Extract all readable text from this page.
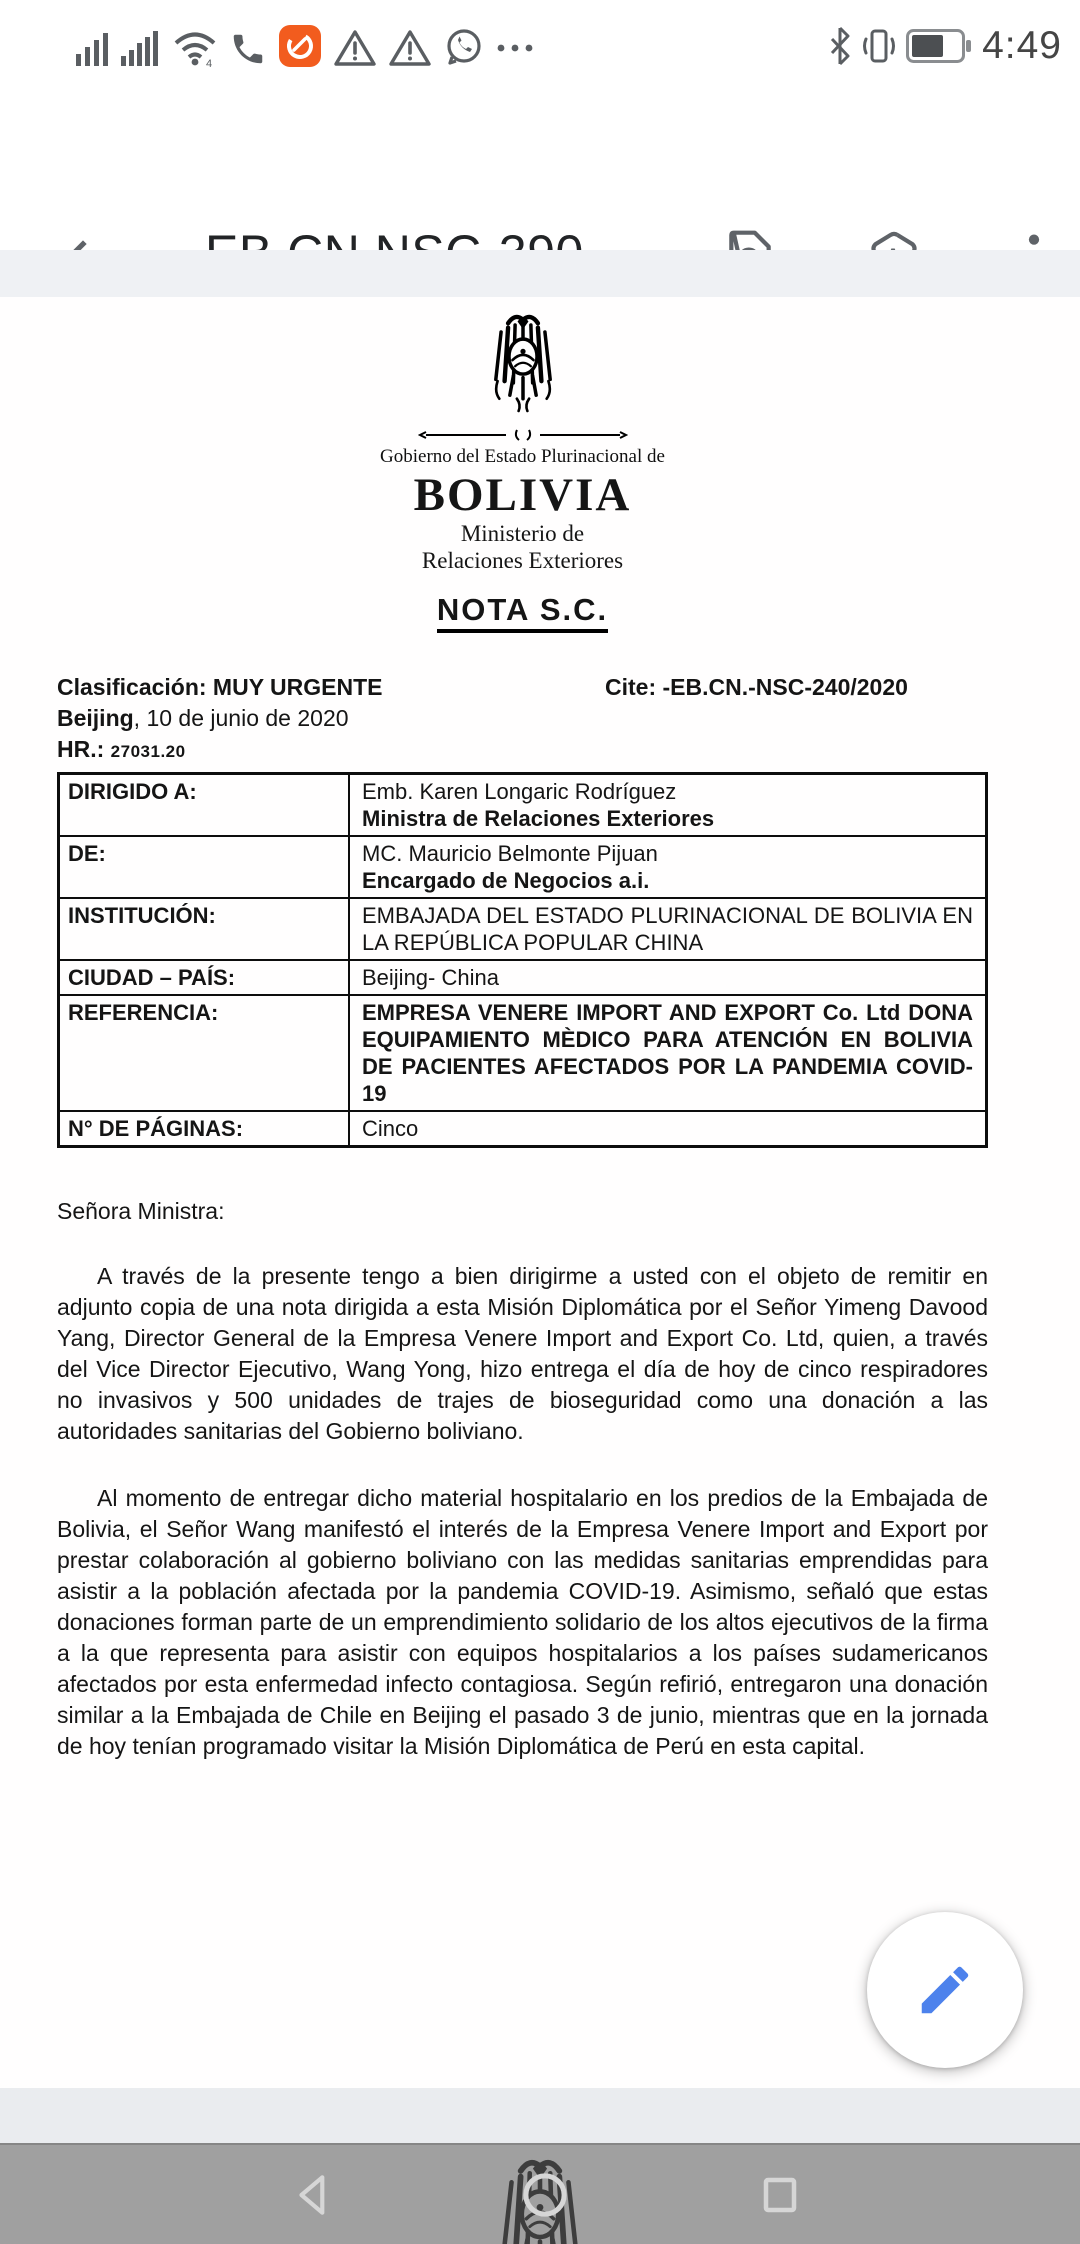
4	4:49
Gobierno del Estado Plurinacional de
BOLIVIA
Ministerio de
Relaciones Exteriores
NOTA S.C.
Clasificación: MUY URGENTE	Cite: -EB.CN.-NSC-240/2020
Beijing, 10 de junio de 2020
HR.: 27031.20
DIRIGIDO A:	Emb. Karen Longaric Rodríguez
Ministra de Relaciones Exteriores
DE:	MC. Mauricio Belmonte Pijuan
Encargado de Negocios a.i.
INSTITUCIÓN:	EMBAJADA DEL ESTADO PLURINACIONAL DE BOLIVIA EN LA REPÚBLICA POPULAR CHINA
CIUDAD – PAÍS:	Beijing- China
REFERENCIA:	EMPRESA VENERE IMPORT AND EXPORT Co. Ltd DONA EQUIPAMIENTO MÈDICO PARA ATENCIÓN EN BOLIVIA DE PACIENTES AFECTADOS POR LA PANDEMIA COVID-19
N° DE PÁGINAS:	Cinco
Señora Ministra:
A través de la presente tengo a bien dirigirme a usted con el objeto de remitir en adjunto copia de una nota dirigida a esta Misión Diplomática por el Señor Yimeng Davood Yang, Director General de la Empresa Venere Import and Export Co. Ltd, quien, a través del Vice Director Ejecutivo, Wang Yong, hizo entrega el día de hoy de cinco respiradores no invasivos y 500 unidades de trajes de bioseguridad como una donación a las autoridades sanitarias del Gobierno boliviano.
Al momento de entregar dicho material hospitalario en los predios de la Embajada de Bolivia, el Señor Wang manifestó el interés de la Empresa Venere Import and Export por prestar colaboración al gobierno boliviano con las medidas sanitarias emprendidas para asistir a la población afectada por la pandemia COVID-19. Asimismo, señaló que estas donaciones forman parte de un emprendimiento solidario de los altos ejecutivos de la firma a la que representa para asistir con equipos hospitalarios a los países sudamericanos afectados por esta enfermedad infecto contagiosa. Según refirió, entregaron una donación similar a la Embajada de Chile en Beijing el pasado 3 de junio, mientras que en la jornada de hoy tenían programado visitar la Misión Diplomática de Perú en esta capital.
